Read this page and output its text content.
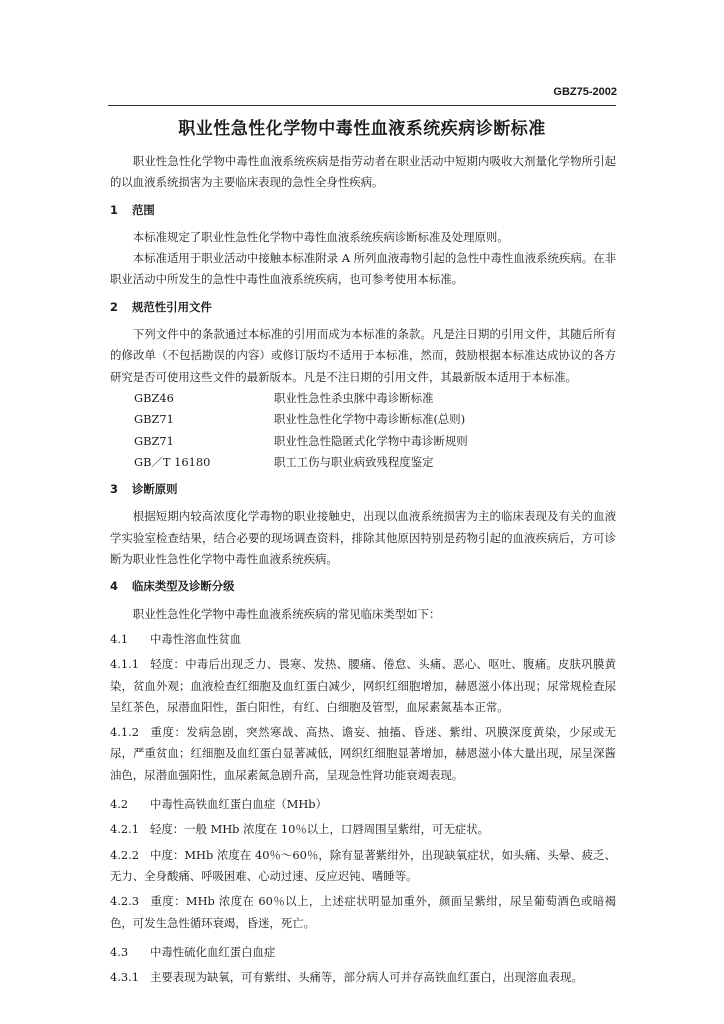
GBZ75-2002
职业性急性化学物中毒性血液系统疾病诊断标准

职业性急性化学物中毒性血液系统疾病是指劳动者在职业活动中短期内吸收大剂量化学物所引起的以血液系统损害为主要临床表现的急性全身性疾病。

1 范围

本标准规定了职业性急性化学物中毒性血液系统疾病诊断标准及处理原则。

本标准适用于职业活动中接触本标准附录 A 所列血液毒物引起的急性中毒性血液系统疾病。在非职业活动中所发生的急性中毒性血液系统疾病，也可参考使用本标准。

2 规范性引用文件

下列文件中的条款通过本标准的引用而成为本标准的条款。凡是注日期的引用文件，其随后所有的修改单（不包括勘误的内容）或修订版均不适用于本标准，然而，鼓励根据本标准达成协议的各方研究是否可使用这些文件的最新版本。凡是不注日期的引用文件，其最新版本适用于本标准。

GBZ46	职业性急性杀虫脒中毒诊断标准
GBZ71	职业性急性化学物中毒诊断标准(总则)
GBZ71	职业性急性隐匿式化学物中毒诊断规则
GB／T 16180	职工工伤与职业病致残程度鉴定
3 诊断原则

根据短期内较高浓度化学毒物的职业接触史，出现以血液系统损害为主的临床表现及有关的血液学实验室检查结果，结合必要的现场调查资料，排除其他原因特别是药物引起的血液疾病后，方可诊断为职业性急性化学物中毒性血液系统疾病。

4 临床类型及诊断分级

职业性急性化学物中毒性血液系统疾病的常见临床类型如下：

4.1 中毒性溶血性贫血

4.1.1 轻度：中毒后出现乏力、畏寒、发热、腰痛、倦怠、头痛、恶心、呕吐、腹痛。皮肤巩膜黄染，贫血外观；血液检查红细胞及血红蛋白减少，网织红细胞增加，赫恩滋小体出现；尿常规检查尿呈红茶色，尿潜血阳性，蛋白阳性，有红、白细胞及管型，血尿素氮基本正常。

4.1.2 重度：发病急剧，突然寒战、高热、谵妄、抽搐、昏迷、紫绀、巩膜深度黄染，少尿或无尿，严重贫血；红细胞及血红蛋白显著减低，网织红细胞显著增加，赫恩滋小体大量出现，尿呈深酱油色，尿潜血强阳性，血尿素氮急剧升高，呈现急性肾功能衰竭表现。

4.2 中毒性高铁血红蛋白血症（MHb）

4.2.1 轻度：一般 MHb 浓度在 10％以上，口唇周围呈紫绀，可无症状。

4.2.2 中度：MHb 浓度在 40％～60％，除有显著紫绀外，出现缺氧症状，如头痛、头晕、疲乏、无力、全身酸痛、呼吸困难、心动过速、反应迟钝、嗜睡等。

4.2.3 重度：MHb 浓度在 60％以上，上述症状明显加重外，颜面呈紫绀，尿呈葡萄酒色或暗褐色，可发生急性循环衰竭，昏迷，死亡。

4.3 中毒性硫化血红蛋白血症

4.3.1 主要表现为缺氧，可有紫绀、头痛等，部分病人可并存高铁血红蛋白，出现溶血表现。
